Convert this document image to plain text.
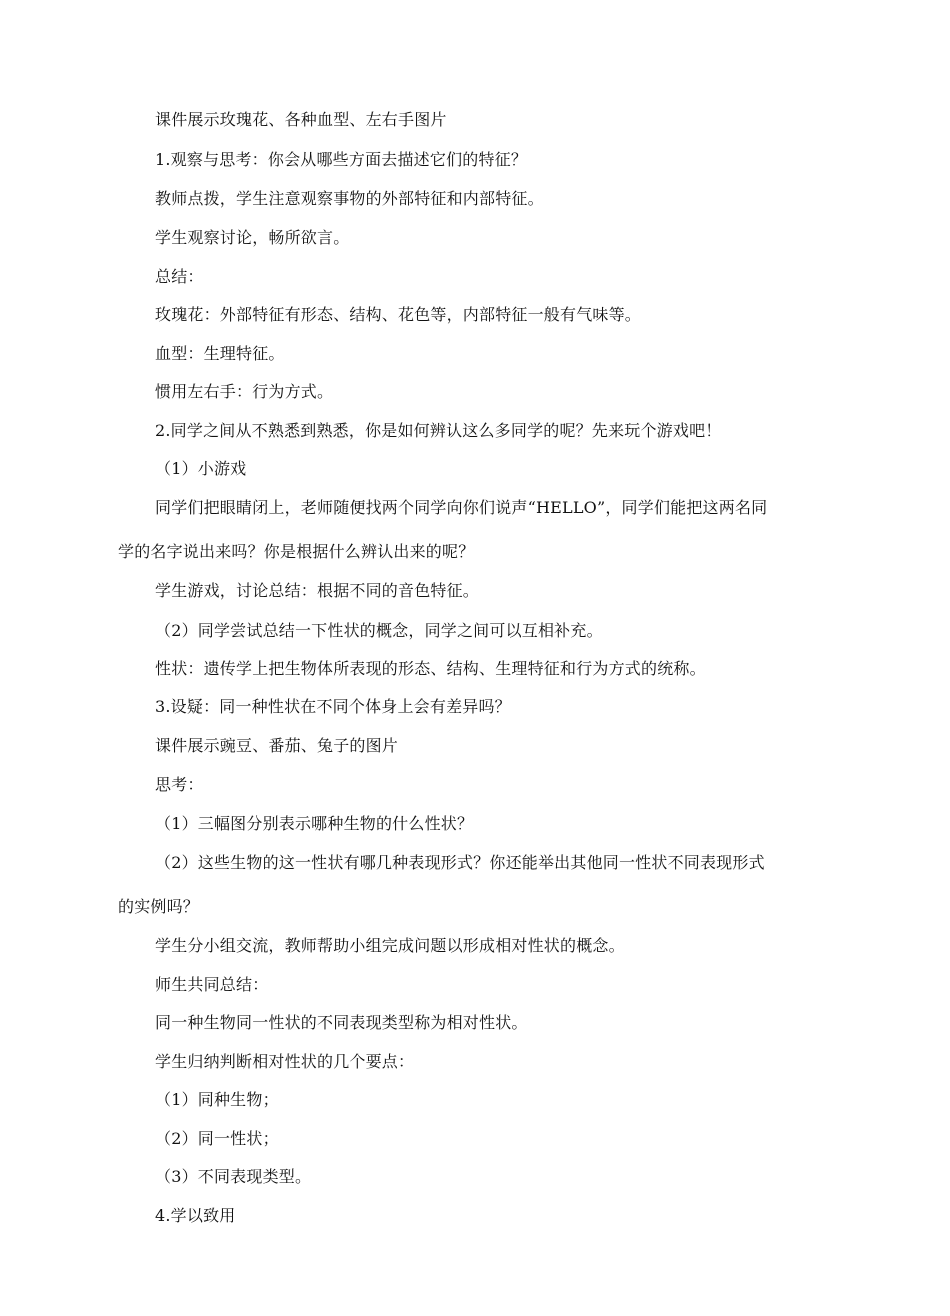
课件展示玫瑰花、各种血型、左右手图片
1.观察与思考：你会从哪些方面去描述它们的特征？
教师点拨，学生注意观察事物的外部特征和内部特征。
学生观察讨论，畅所欲言。
总结：
玫瑰花：外部特征有形态、结构、花色等，内部特征一般有气味等。
血型：生理特征。
惯用左右手：行为方式。
2.同学之间从不熟悉到熟悉，你是如何辨认这么多同学的呢？先来玩个游戏吧！
（1）小游戏
同学们把眼睛闭上，老师随便找两个同学向你们说声“HELLO”，同学们能把这两名同
学的名字说出来吗？你是根据什么辨认出来的呢？
学生游戏，讨论总结：根据不同的音色特征。
（2）同学尝试总结一下性状的概念，同学之间可以互相补充。
性状：遗传学上把生物体所表现的形态、结构、生理特征和行为方式的统称。
3.设疑：同一种性状在不同个体身上会有差异吗？
课件展示豌豆、番茄、兔子的图片
思考：
（1）三幅图分别表示哪种生物的什么性状？
（2）这些生物的这一性状有哪几种表现形式？你还能举出其他同一性状不同表现形式
的实例吗？
学生分小组交流，教师帮助小组完成问题以形成相对性状的概念。
师生共同总结：
同一种生物同一性状的不同表现类型称为相对性状。
学生归纳判断相对性状的几个要点：
（1）同种生物；
（2）同一性状；
（3）不同表现类型。
4.学以致用
